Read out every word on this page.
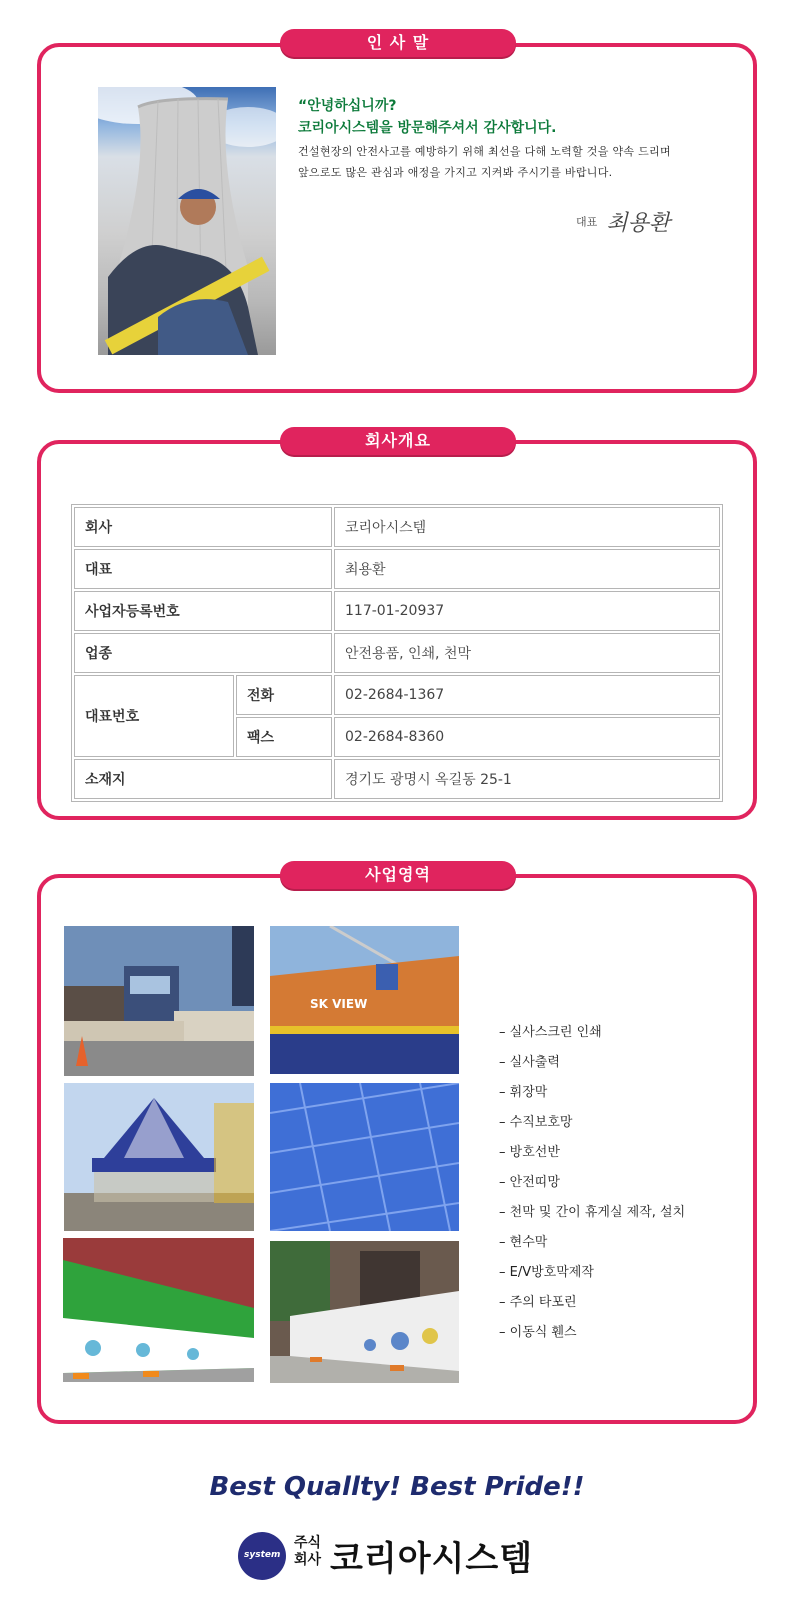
인 사 말
“안녕하십니까?
코리아시스템을 방문해주셔서 감사합니다.
건설현장의 안전사고를 예방하기 위해 최선을 다해 노력할 것을 약속 드리며
앞으로도 많은 관심과 애정을 가지고 지켜봐 주시기를 바랍니다.
대표 최용환
회사개요
회사		코리아시스템
대표		최용환
사업자등록번호		117-01-20937
업종		안전용품, 인쇄, 천막
대표번호	전화	02-2684-1367
	팩스	02-2684-8360
소재지		경기도 광명시 옥길동 25-1
사업영역
SK VIEW
– 실사스크린 인쇄
– 실사출력
– 휘장막
– 수직보호망
– 방호선반
– 안전띠망
– 천막 및 간이 휴게실 제작, 설치
– 현수막
– E/V방호막제작
– 주의 타포린
– 이동식 휀스
Best Quallty! Best Pride!!
system
주식회사 코리아시스템
